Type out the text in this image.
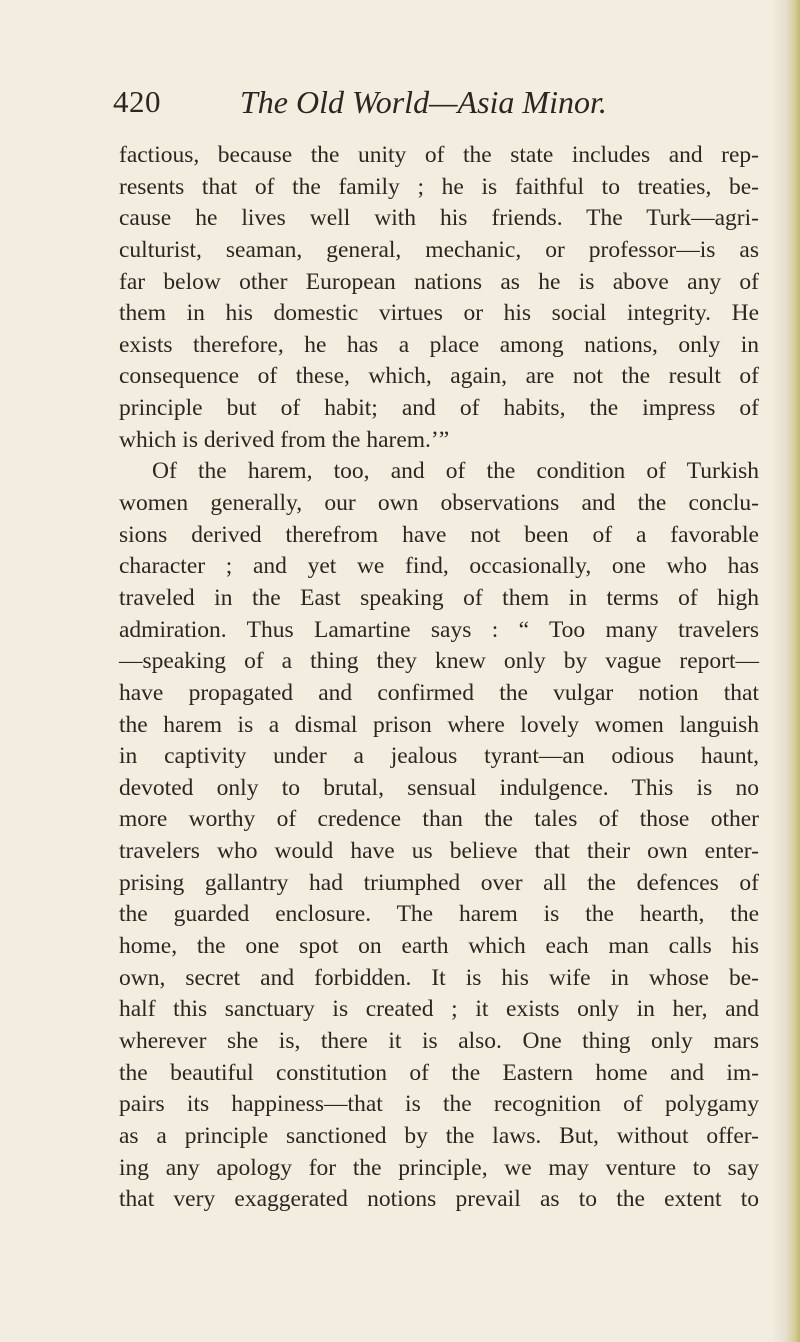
420 The Old World—Asia Minor.
factious, because the unity of the state includes and rep-
resents that of the family ; he is faithful to treaties, be-
cause he lives well with his friends. The Turk—agri-
culturist, seaman, general, mechanic, or professor—is as
far below other European nations as he is above any of
them in his domestic virtues or his social integrity. He
exists therefore, he has a place among nations, only in
consequence of these, which, again, are not the result of
principle but of habit; and of habits, the impress of
which is derived from the harem.’”
Of the harem, too, and of the condition of Turkish
women generally, our own observations and the conclu-
sions derived therefrom have not been of a favorable
character ; and yet we find, occasionally, one who has
traveled in the East speaking of them in terms of high
admiration. Thus Lamartine says : “ Too many travelers
—speaking of a thing they knew only by vague report—
have propagated and confirmed the vulgar notion that
the harem is a dismal prison where lovely women languish
in captivity under a jealous tyrant—an odious haunt,
devoted only to brutal, sensual indulgence. This is no
more worthy of credence than the tales of those other
travelers who would have us believe that their own enter-
prising gallantry had triumphed over all the defences of
the guarded enclosure. The harem is the hearth, the
home, the one spot on earth which each man calls his
own, secret and forbidden. It is his wife in whose be-
half this sanctuary is created ; it exists only in her, and
wherever she is, there it is also. One thing only mars
the beautiful constitution of the Eastern home and im-
pairs its happiness—that is the recognition of polygamy
as a principle sanctioned by the laws. But, without offer-
ing any apology for the principle, we may venture to say
that very exaggerated notions prevail as to the extent to
